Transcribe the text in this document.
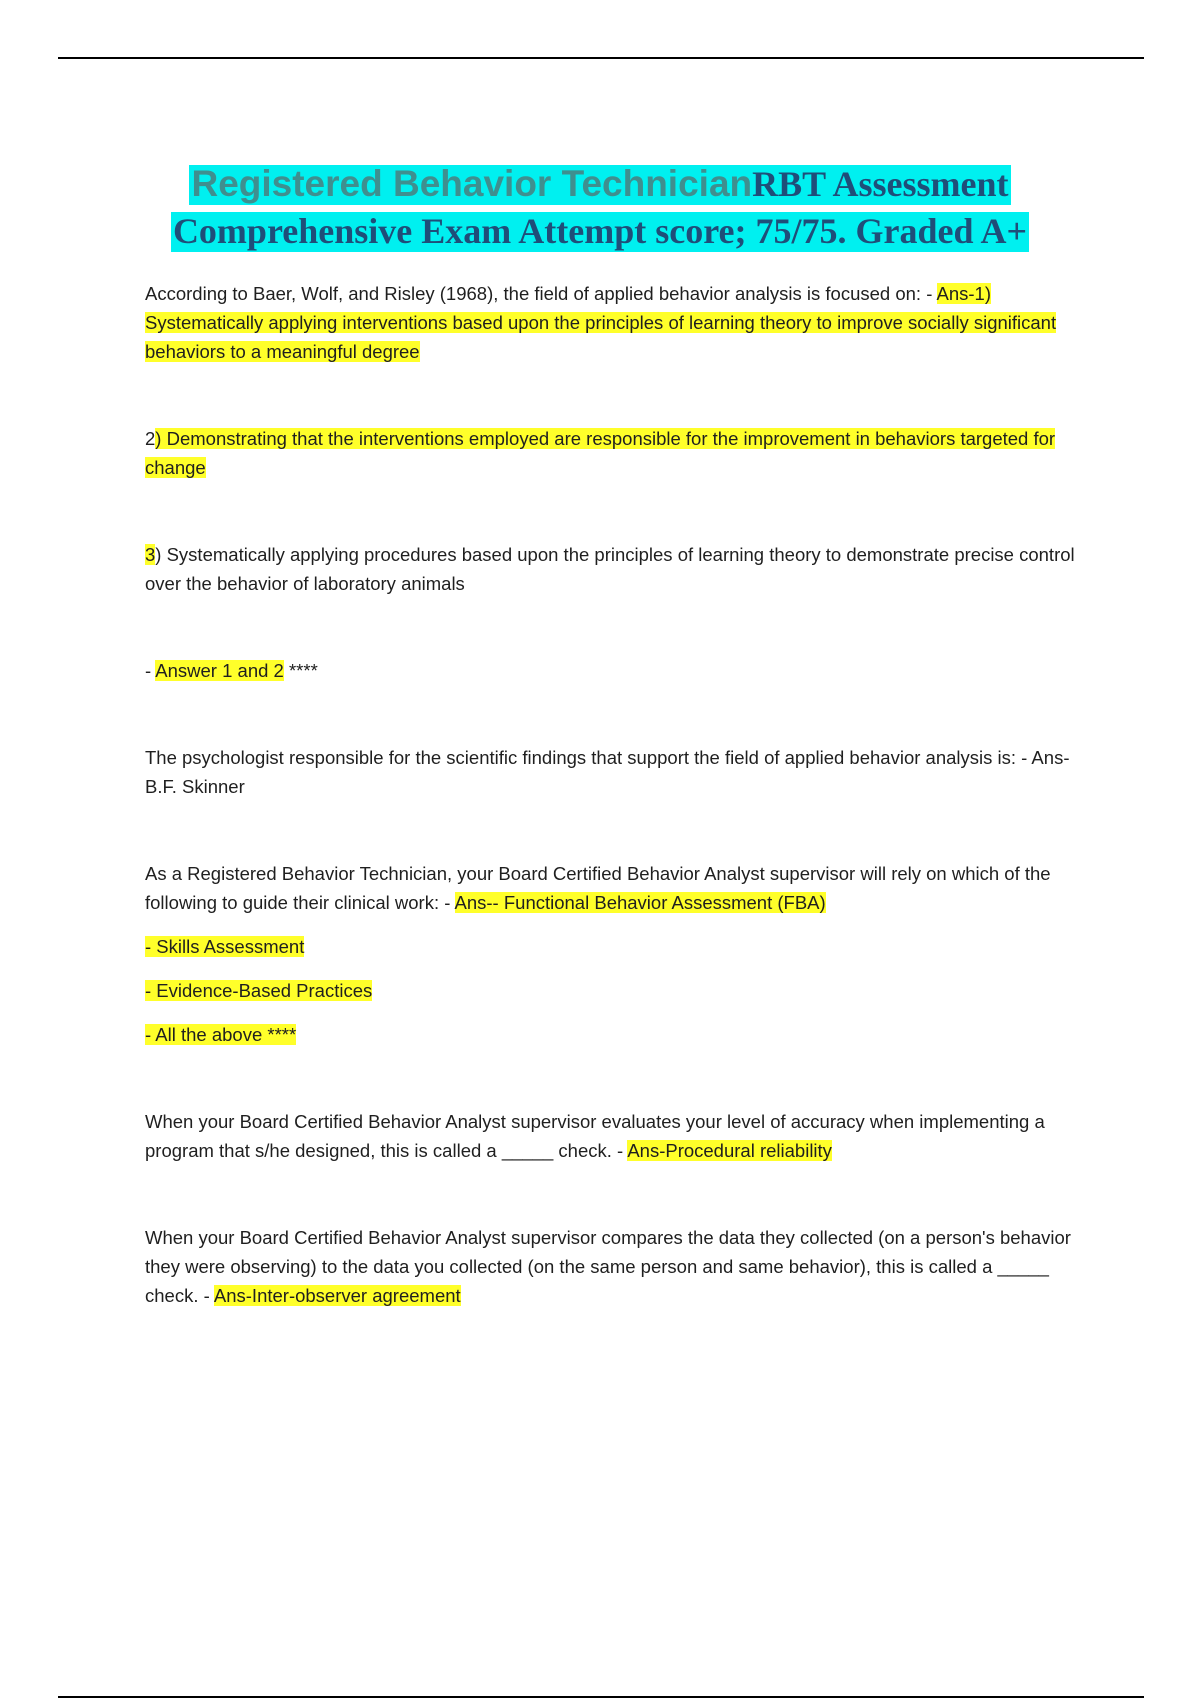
Registered Behavior TechnicianRBT Assessment Comprehensive Exam Attempt score; 75/75. Graded A+

According to Baer, Wolf, and Risley (1968), the field of applied behavior analysis is focused on: - Ans-1) Systematically applying interventions based upon the principles of learning theory to improve socially significant behaviors to a meaningful degree

2) Demonstrating that the interventions employed are responsible for the improvement in behaviors targeted for change

3) Systematically applying procedures based upon the principles of learning theory to demonstrate precise control over the behavior of laboratory animals

- Answer 1 and 2 ****

The psychologist responsible for the scientific findings that support the field of applied behavior analysis is: - Ans-B.F. Skinner

As a Registered Behavior Technician, your Board Certified Behavior Analyst supervisor will rely on which of the following to guide their clinical work: - Ans-- Functional Behavior Assessment (FBA)

- Skills Assessment

- Evidence-Based Practices

- All the above ****

When your Board Certified Behavior Analyst supervisor evaluates your level of accuracy when implementing a program that s/he designed, this is called a _____ check. - Ans-Procedural reliability

When your Board Certified Behavior Analyst supervisor compares the data they collected (on a person's behavior they were observing) to the data you collected (on the same person and same behavior), this is called a _____ check. - Ans-Inter-observer agreement
